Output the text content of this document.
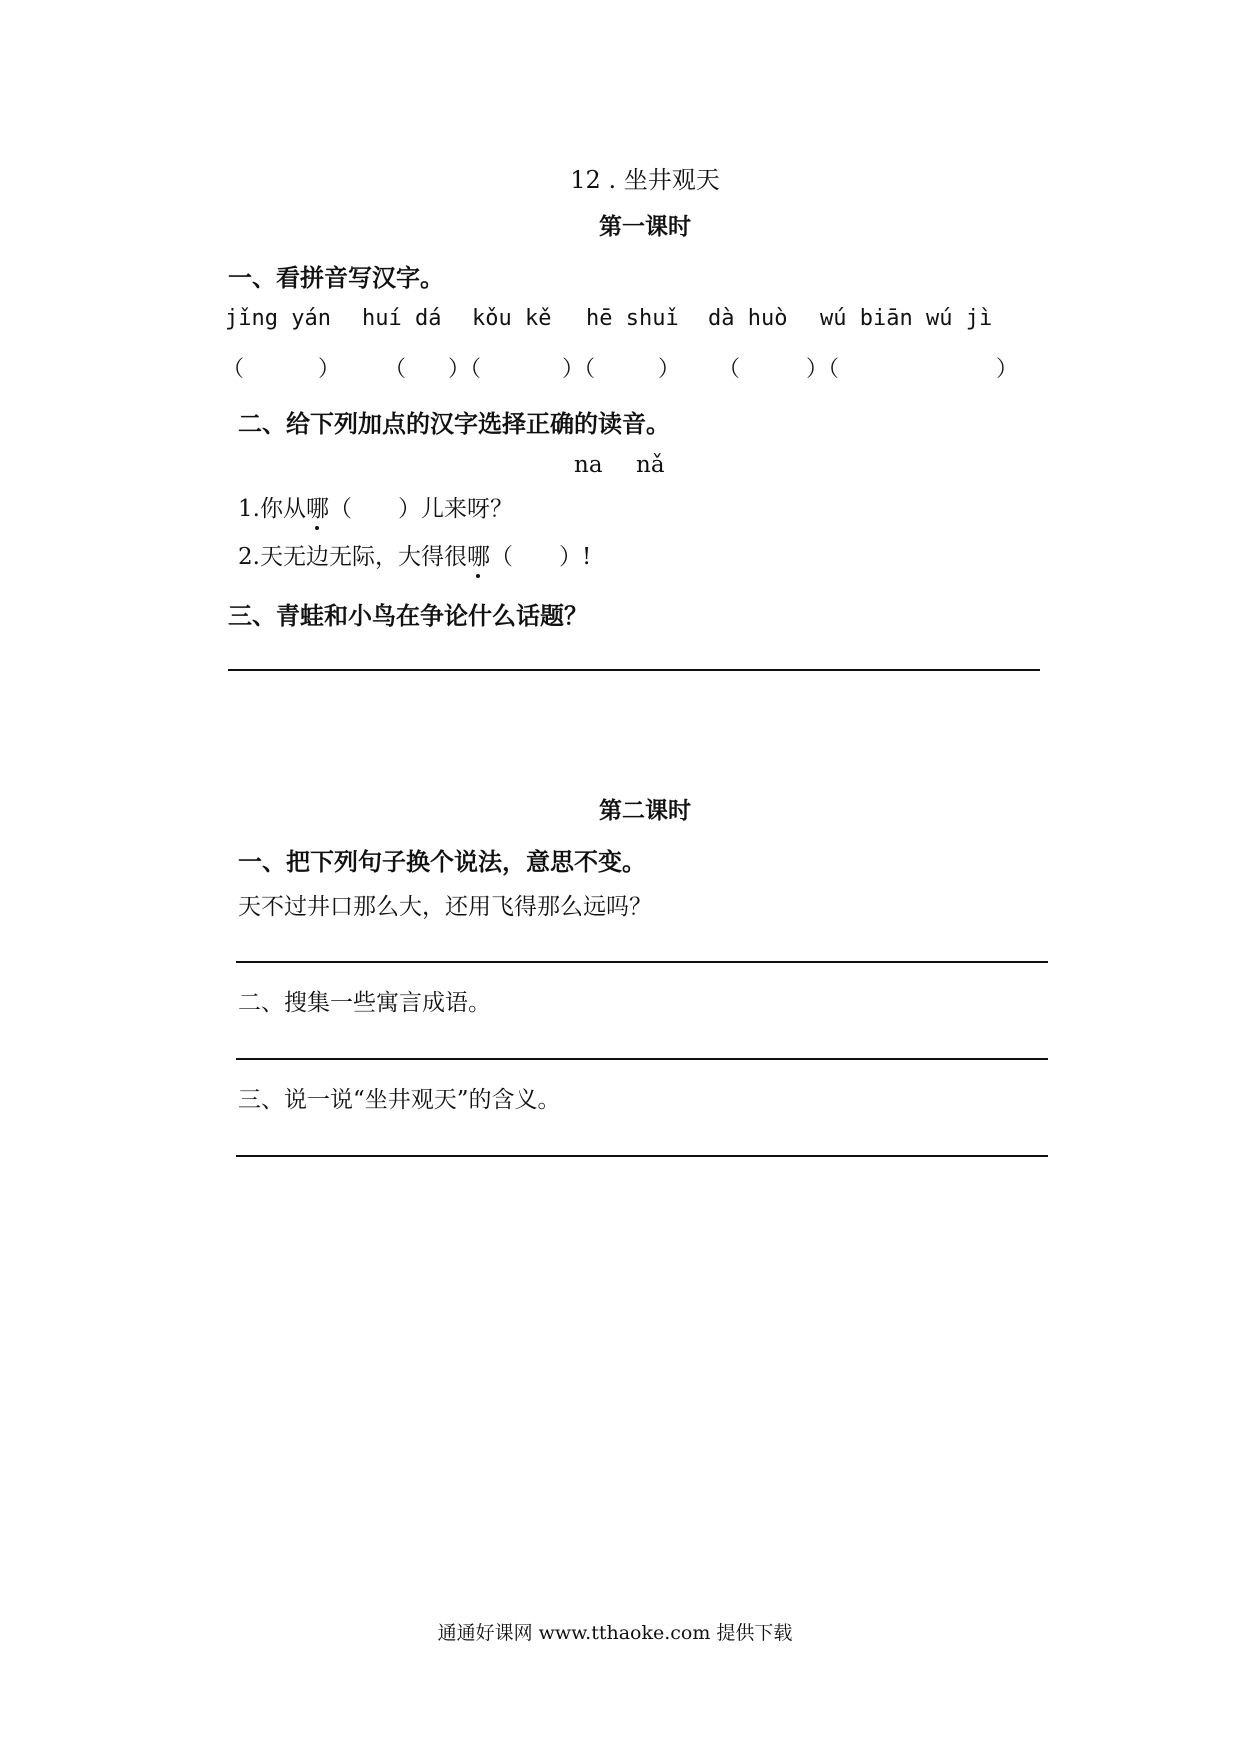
12 . 坐井观天
第一课时
一、看拼音写汉字。
jǐng yán huí dá kǒu kě hē shuǐ dà huò wú biān wú jì
（	） （ ）（	）（	） （	）（	）
二、给下列加点的汉字选择正确的读音。
na nǎ
1.你从哪（　　）儿来呀？
2.天无边无际，大得很哪（　　）!
三、青蛙和小鸟在争论什么话题？
第二课时
一、把下列句子换个说法，意思不变。
天不过井口那么大，还用飞得那么远吗？
二、搜集一些寓言成语。
三、说一说“坐井观天”的含义。
通通好课网 www.tthaoke.com 提供下载
